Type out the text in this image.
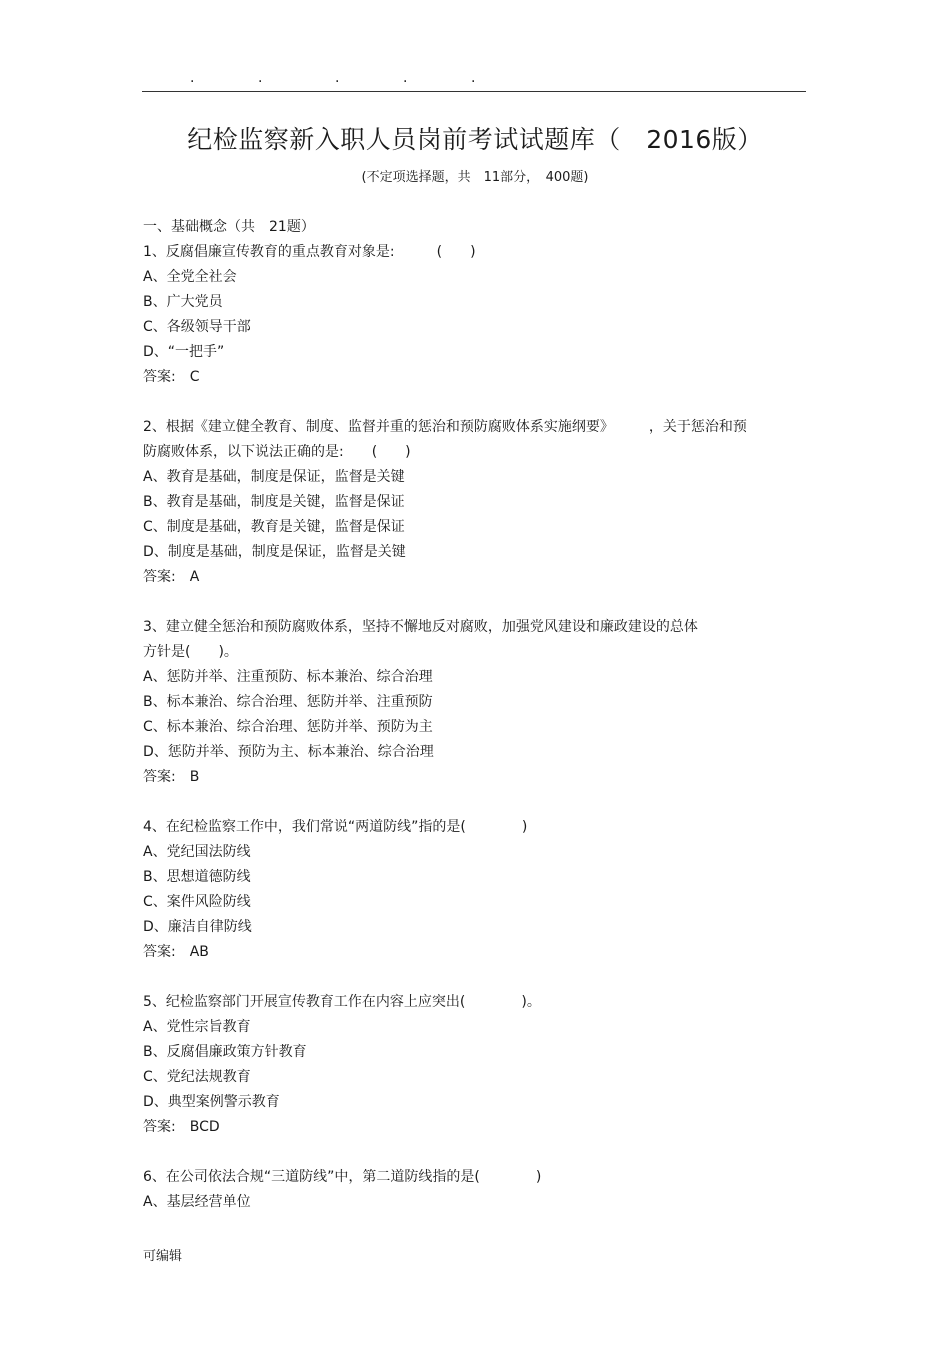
.	.	.	.	.
纪检监察新入职人员岗前考试试题库（　2016版）
(不定项选择题，共　11部分，　400题)
一、基础概念（共　21题）
1、反腐倡廉宣传教育的重点教育对象是:　　　(　　)
A、全党全社会
B、广大党员
C、各级领导干部
D、“一把手”
答案:　C
2、根据《建立健全教育、制度、监督并重的惩治和预防腐败体系实施纲要》　　　，关于惩治和预
防腐败体系，以下说法正确的是:　　(　　)
A、教育是基础，制度是保证，监督是关键
B、教育是基础，制度是关键，监督是保证
C、制度是基础，教育是关键，监督是保证
D、制度是基础，制度是保证，监督是关键
答案:　A
3、建立健全惩治和预防腐败体系，坚持不懈地反对腐败，加强党风建设和廉政建设的总体
方针是(　　)。
A、惩防并举、注重预防、标本兼治、综合治理
B、标本兼治、综合治理、惩防并举、注重预防
C、标本兼治、综合治理、惩防并举、预防为主
D、惩防并举、预防为主、标本兼治、综合治理
答案:　B
4、在纪检监察工作中，我们常说“两道防线”指的是(　　　　)
A、党纪国法防线
B、思想道德防线
C、案件风险防线
D、廉洁自律防线
答案:　AB
5、纪检监察部门开展宣传教育工作在内容上应突出(　　　　)。
A、党性宗旨教育
B、反腐倡廉政策方针教育
C、党纪法规教育
D、典型案例警示教育
答案:　BCD
6、在公司依法合规“三道防线”中，第二道防线指的是(　　　　)
A、基层经营单位
可编辑
